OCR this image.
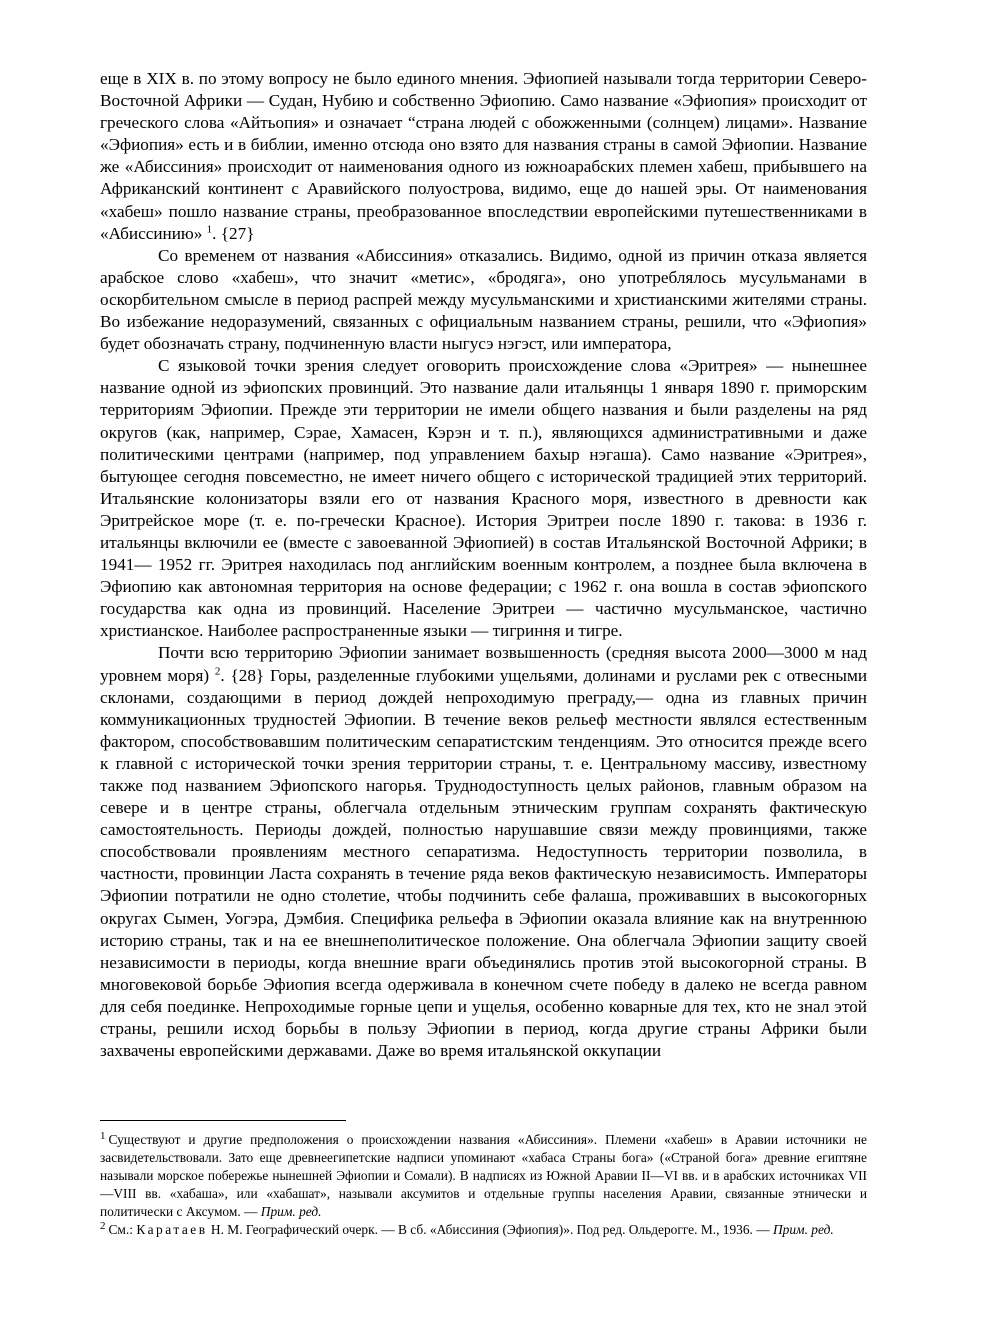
еще в XIX в. по этому вопросу не было единого мнения. Эфиопией называли тогда территории Северо-Восточной Африки — Судан, Нубию и собственно Эфиопию. Само название «Эфиопия» происходит от греческого слова «Айтьопия» и означает “страна людей с обожженными (солнцем) лицами». Название «Эфиопия» есть и в библии, именно отсюда оно взято для названия страны в самой Эфиопии. Название же «Абиссиния» происходит от наименования одного из южноарабских племен хабеш, прибывшего на Африканский континент с Аравийского полуострова, видимо, еще до нашей эры. От наименования «хабеш» пошло название страны, преобразованное впоследствии европейскими путешественниками в «Абиссинию» $^1$. {27}

Со временем от названия «Абиссиния» отказались. Видимо, одной из причин отказа является арабское слово «хабеш», что значит «метис», «бродяга», оно употреблялось мусульманами в оскорбительном смысле в период распрей между мусульманскими и христианскими жителями страны. Во избежание недоразумений, связанных с официальным названием страны, решили, что «Эфиопия» будет обозначать страну, подчиненную власти ныгусэ нэгэст, или императора,

С языковой точки зрения следует оговорить происхождение слова «Эритрея» — нынешнее название одной из эфиопских провинций. Это название дали итальянцы 1 января 1890 г. приморским территориям Эфиопии. Прежде эти территории не имели общего названия и были разделены на ряд округов (как, например, Сэрае, Хамасен, Кэрэн и т. п.), являющихся административными и даже политическими центрами (например, под управлением бахыр нэгаша). Само название «Эритрея», бытующее сегодня повсеместно, не имеет ничего общего с исторической традицией этих территорий. Итальянские колонизаторы взяли его от названия Красного моря, известного в древности как Эритрейское море (т. е. по-гречески Красное). История Эритреи после 1890 г. такова: в 1936 г. итальянцы включили ее (вместе с завоеванной Эфиопией) в состав Итальянской Восточной Африки; в 1941— 1952 гг. Эритрея находилась под английским военным контролем, а позднее была включена в Эфиопию как автономная территория на основе федерации; с 1962 г. она вошла в состав эфиопского государства как одна из провинций. Население Эритреи — частично мусульманское, частично христианское. Наиболее распространенные языки — тигриння и тигре.

Почти всю территорию Эфиопии занимает возвышенность (средняя высота 2000—3000 м над уровнем моря) $^2$. {28} Горы, разделенные глубокими ущельями, долинами и руслами рек с отвесными склонами, создающими в период дождей непроходимую преграду,— одна из главных причин коммуникационных трудностей Эфиопии. В течение веков рельеф местности являлся естественным фактором, способствовавшим политическим сепаратистским тенденциям. Это относится прежде всего к главной с исторической точки зрения территории страны, т. е. Центральному массиву, известному также под названием Эфиопского нагорья. Труднодоступность целых районов, главным образом на севере и в центре страны, облегчала отдельным этническим группам сохранять фактическую самостоятельность. Периоды дождей, полностью нарушавшие связи между провинциями, также способствовали проявлениям местного сепаратизма. Недоступность территории позволила, в частности, провинции Ласта сохранять в течение ряда веков фактическую независимость. Императоры Эфиопии потратили не одно столетие, чтобы подчинить себе фалаша, проживавших в высокогорных округах Сымен, Уогэра, Дэмбия. Специфика рельефа в Эфиопии оказала влияние как на внутреннюю историю страны, так и на ее внешнеполитическое положение. Она облегчала Эфиопии защиту своей независимости в периоды, когда внешние враги объединялись против этой высокогорной страны. В многовековой борьбе Эфиопия всегда одерживала в конечном счете победу в далеко не всегда равном для себя поединке. Непроходимые горные цепи и ущелья, особенно коварные для тех, кто не знал этой страны, решили исход борьбы в пользу Эфиопии в период, когда другие страны Африки были захвачены европейскими державами. Даже во время итальянской оккупации

$^1$ Существуют и другие предположения о происхождении названия «Абиссиния». Племени «хабеш» в Аравии источники не засвидетельствовали. Зато еще древнеегипетские надписи упоминают «хабаса Страны бога» («Страной бога» древние египтяне называли морское побережье нынешней Эфиопии и Сомали). В надписях из Южной Аравии II—VI вв. и в арабских источниках VII—VIII вв. «хабаша», или «хабашат», называли аксумитов и отдельные группы населения Аравии, связанные этнически и политически с Аксумом. — Прим. ред.

$^2$ См.: Каратаев Н. М. Географический очерк. — В сб. «Абиссиния (Эфиопия)». Под ред. Ольдерогге. М., 1936. — Прим. ред.
